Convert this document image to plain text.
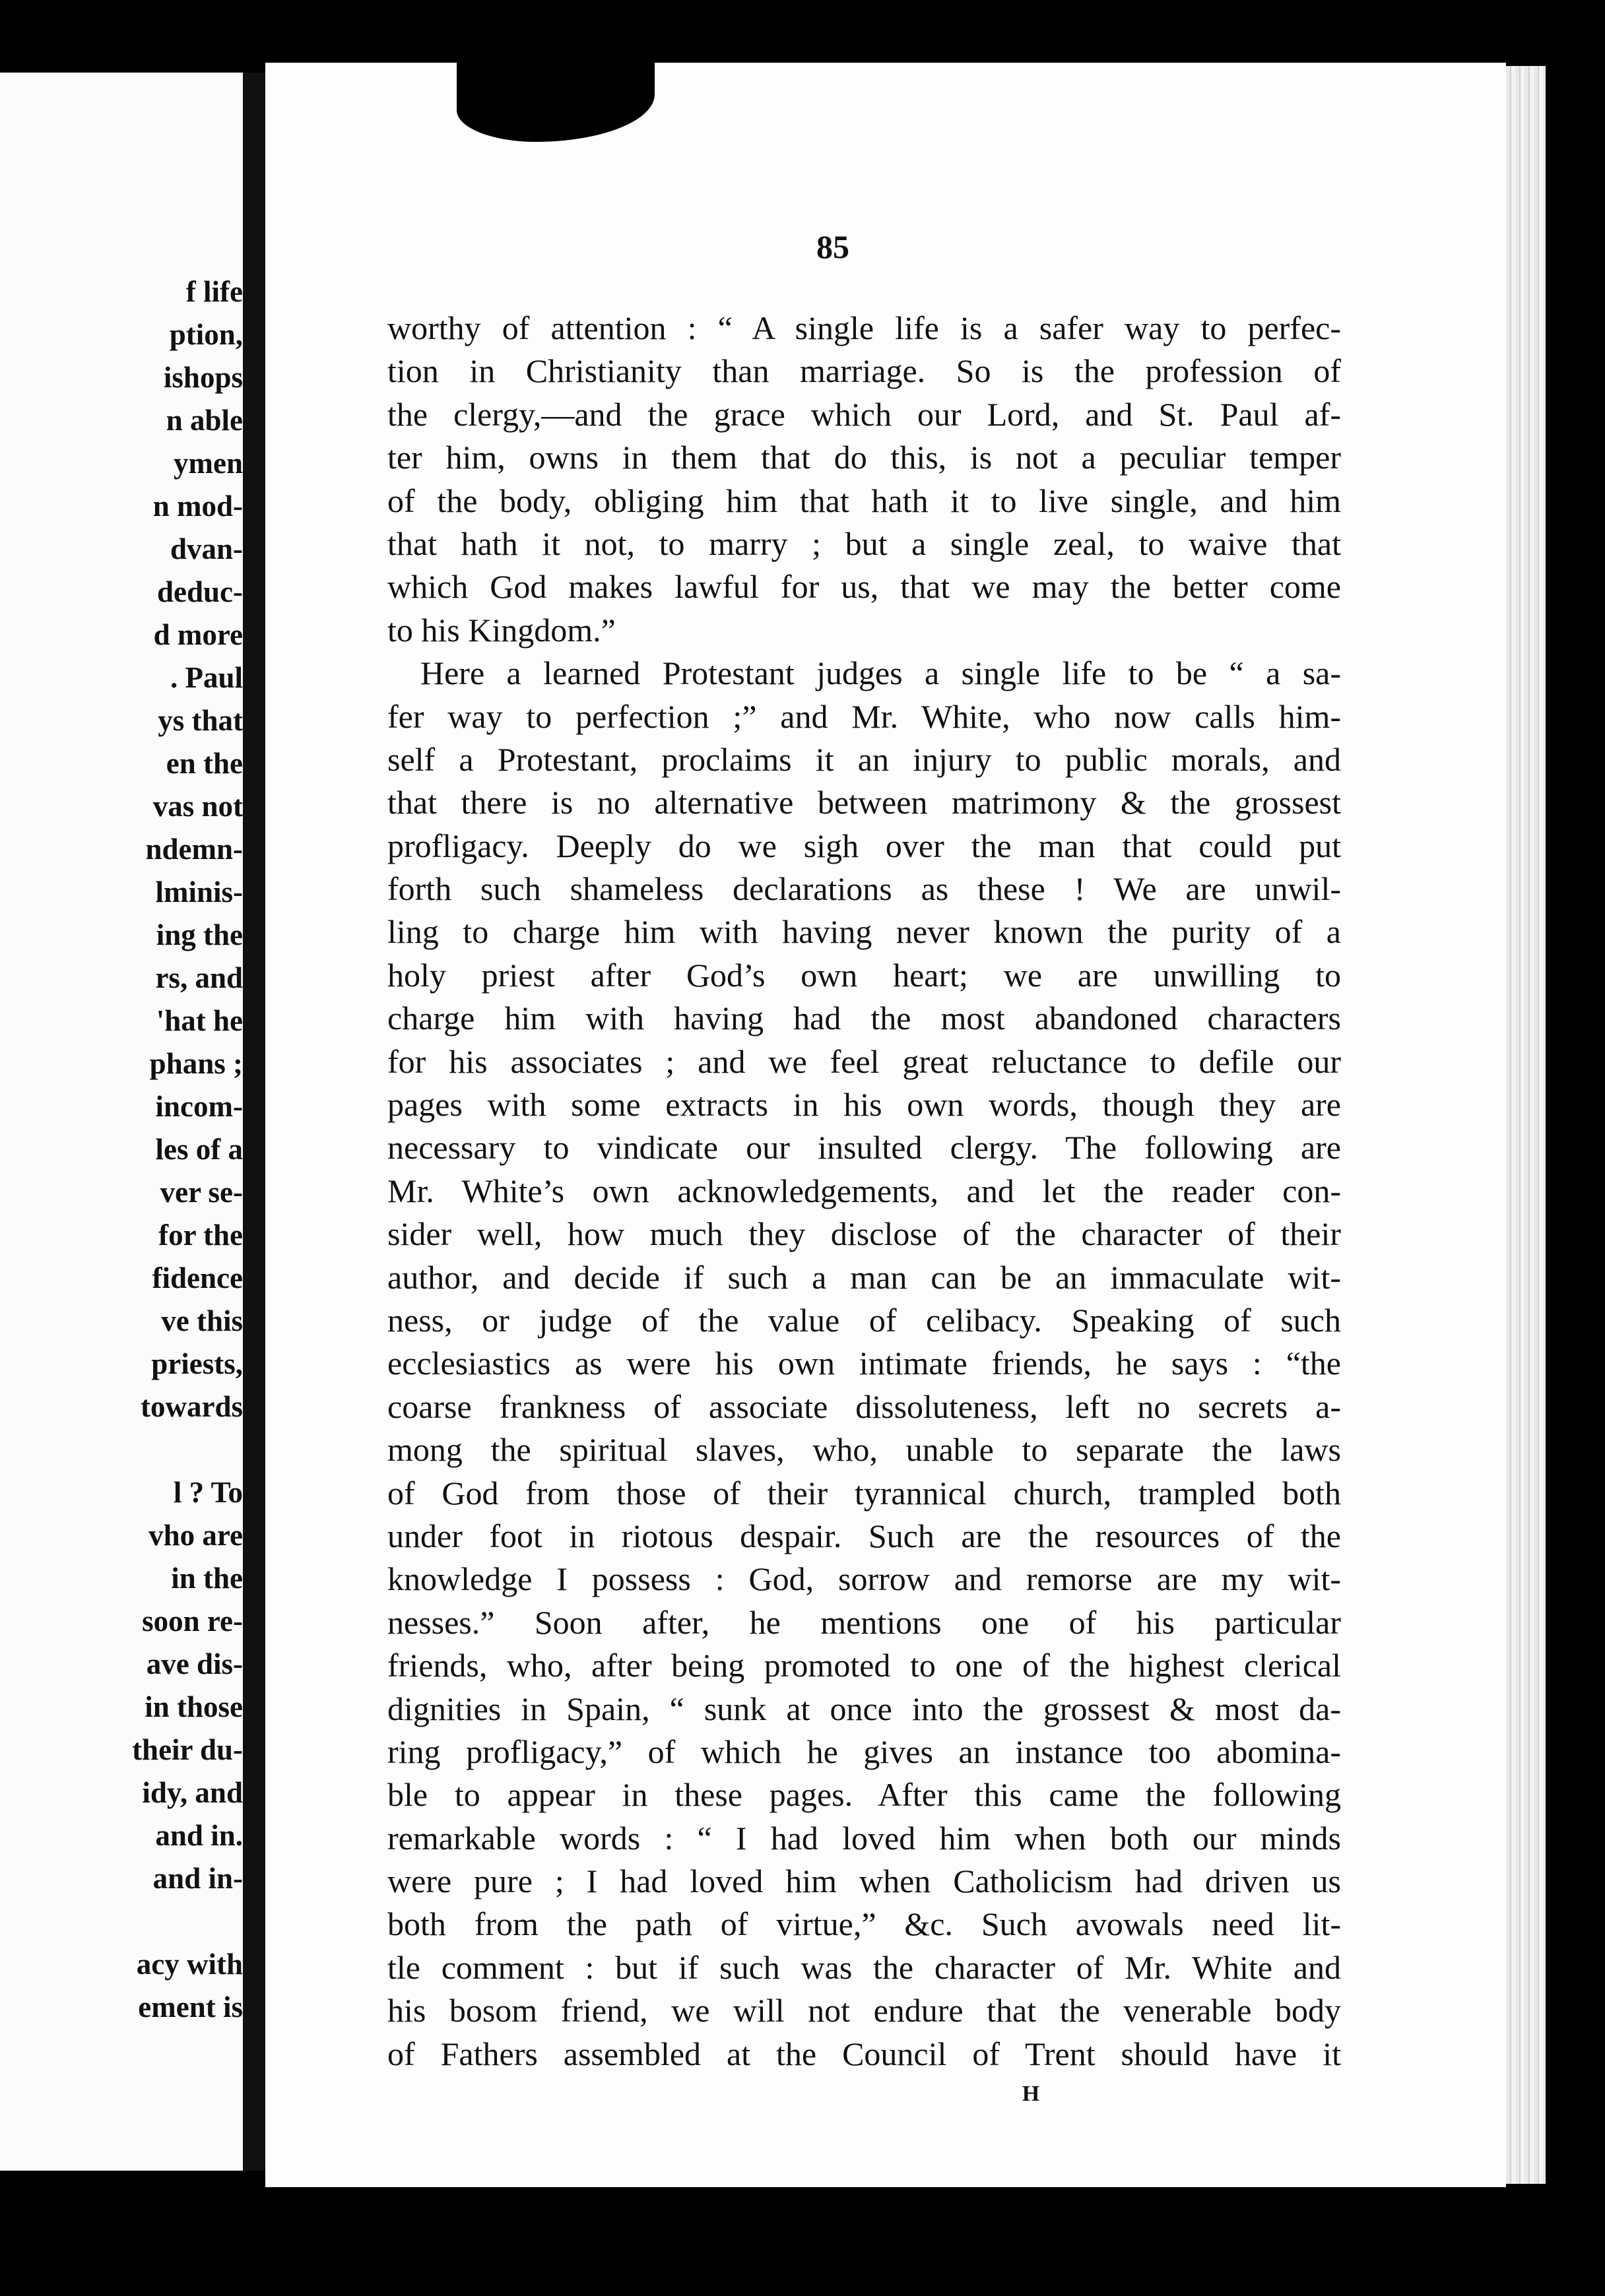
f life
ption,
ishops
n able
ymen
n mod-
dvan-
deduc-
d more
. Paul
ys that
en the
vas not
ndemn-
lminis-
ing the
rs, and
'hat he
phans ;
incom-
les of a
ver se-
for the
fidence
ve this
priests,
towards
l ? To
vho are
in the
soon re-
ave dis-
in those
their du-
idy, and
and in.
and in-
acy with
ement is
85
worthy of attention : “ A single life is a safer way to perfec-
tion in Christianity than marriage. So is the profession of
the clergy,—and the grace which our Lord, and St. Paul af-
ter him, owns in them that do this, is not a peculiar temper
of the body, obliging him that hath it to live single, and him
that hath it not, to marry ; but a single zeal, to waive that
which God makes lawful for us, that we may the better come
to his Kingdom.”
Here a learned Protestant judges a single life to be “ a sa-
fer way to perfection ;” and Mr. White, who now calls him-
self a Protestant, proclaims it an injury to public morals, and
that there is no alternative between matrimony & the grossest
profligacy. Deeply do we sigh over the man that could put
forth such shameless declarations as these ! We are unwil-
ling to charge him with having never known the purity of a
holy priest after God’s own heart; we are unwilling to
charge him with having had the most abandoned characters
for his associates ; and we feel great reluctance to defile our
pages with some extracts in his own words, though they are
necessary to vindicate our insulted clergy. The following are
Mr. White’s own acknowledgements, and let the reader con-
sider well, how much they disclose of the character of their
author, and decide if such a man can be an immaculate wit-
ness, or judge of the value of celibacy. Speaking of such
ecclesiastics as were his own intimate friends, he says : “the
coarse frankness of associate dissoluteness, left no secrets a-
mong the spiritual slaves, who, unable to separate the laws
of God from those of their tyrannical church, trampled both
under foot in riotous despair. Such are the resources of the
knowledge I possess : God, sorrow and remorse are my wit-
nesses.” Soon after, he mentions one of his particular
friends, who, after being promoted to one of the highest clerical
dignities in Spain, “ sunk at once into the grossest & most da-
ring profligacy,” of which he gives an instance too abomina-
ble to appear in these pages. After this came the following
remarkable words : “ I had loved him when both our minds
were pure ; I had loved him when Catholicism had driven us
both from the path of virtue,” &c. Such avowals need lit-
tle comment : but if such was the character of Mr. White and
his bosom friend, we will not endure that the venerable body
of Fathers assembled at the Council of Trent should have it
H
